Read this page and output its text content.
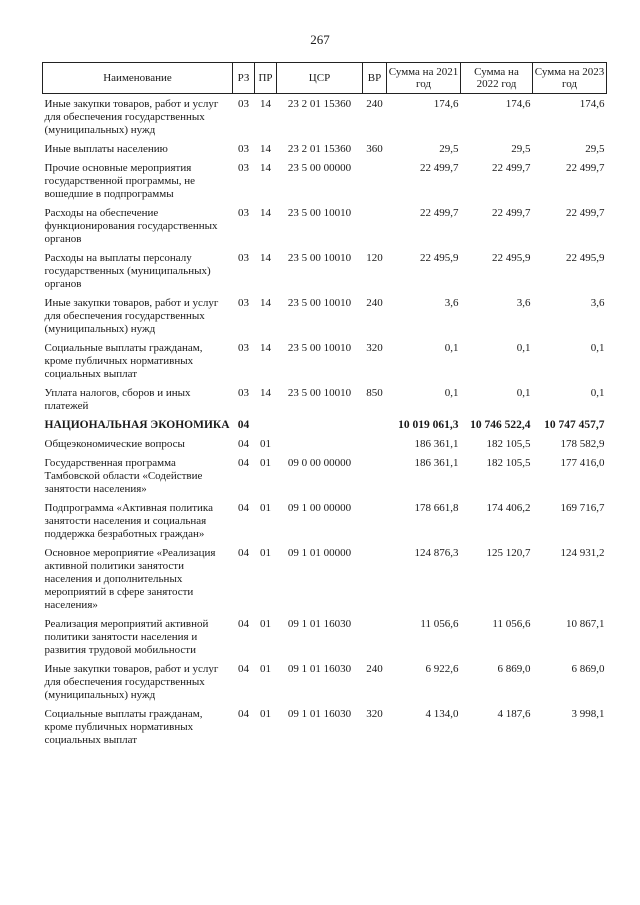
267
Наименование	РЗ	ПР	ЦСР	ВР	Сумма на 2021 год	Сумма на 2022 год	Сумма на 2023 год

Иные закупки товаров, работ и услуг для обеспечения государственных (муниципальных) нужд	03	14	23 2 01 15360	240	174,6	174,6	174,6
Иные выплаты населению	03	14	23 2 01 15360	360	29,5	29,5	29,5
Прочие основные мероприятия государственной программы, не вошедшие в подпрограммы	03	14	23 5 00 00000		22 499,7	22 499,7	22 499,7
Расходы на обеспечение функционирования государственных органов	03	14	23 5 00 10010		22 499,7	22 499,7	22 499,7
Расходы на выплаты персоналу государственных (муниципальных) органов	03	14	23 5 00 10010	120	22 495,9	22 495,9	22 495,9
Иные закупки товаров, работ и услуг для обеспечения государственных (муниципальных) нужд	03	14	23 5 00 10010	240	3,6	3,6	3,6
Социальные выплаты гражданам, кроме публичных нормативных социальных выплат	03	14	23 5 00 10010	320	0,1	0,1	0,1
Уплата налогов, сборов и иных платежей	03	14	23 5 00 10010	850	0,1	0,1	0,1
НАЦИОНАЛЬНАЯ ЭКОНОМИКА	04				10 019 061,3	10 746 522,4	10 747 457,7
Общеэкономические вопросы	04	01			186 361,1	182 105,5	178 582,9
Государственная программа Тамбовской области «Содействие занятости населения»	04	01	09 0 00 00000		186 361,1	182 105,5	177 416,0
Подпрограмма «Активная политика занятости населения и социальная поддержка безработных граждан»	04	01	09 1 00 00000		178 661,8	174 406,2	169 716,7
Основное мероприятие «Реализация активной политики занятости населения и дополнительных мероприятий в сфере занятости населения»	04	01	09 1 01 00000		124 876,3	125 120,7	124 931,2
Реализация мероприятий активной политики занятости населения и развития трудовой мобильности	04	01	09 1 01 16030		11 056,6	11 056,6	10 867,1
Иные закупки товаров, работ и услуг для обеспечения государственных (муниципальных) нужд	04	01	09 1 01 16030	240	6 922,6	6 869,0	6 869,0
Социальные выплаты гражданам, кроме публичных нормативных социальных выплат	04	01	09 1 01 16030	320	4 134,0	4 187,6	3 998,1
